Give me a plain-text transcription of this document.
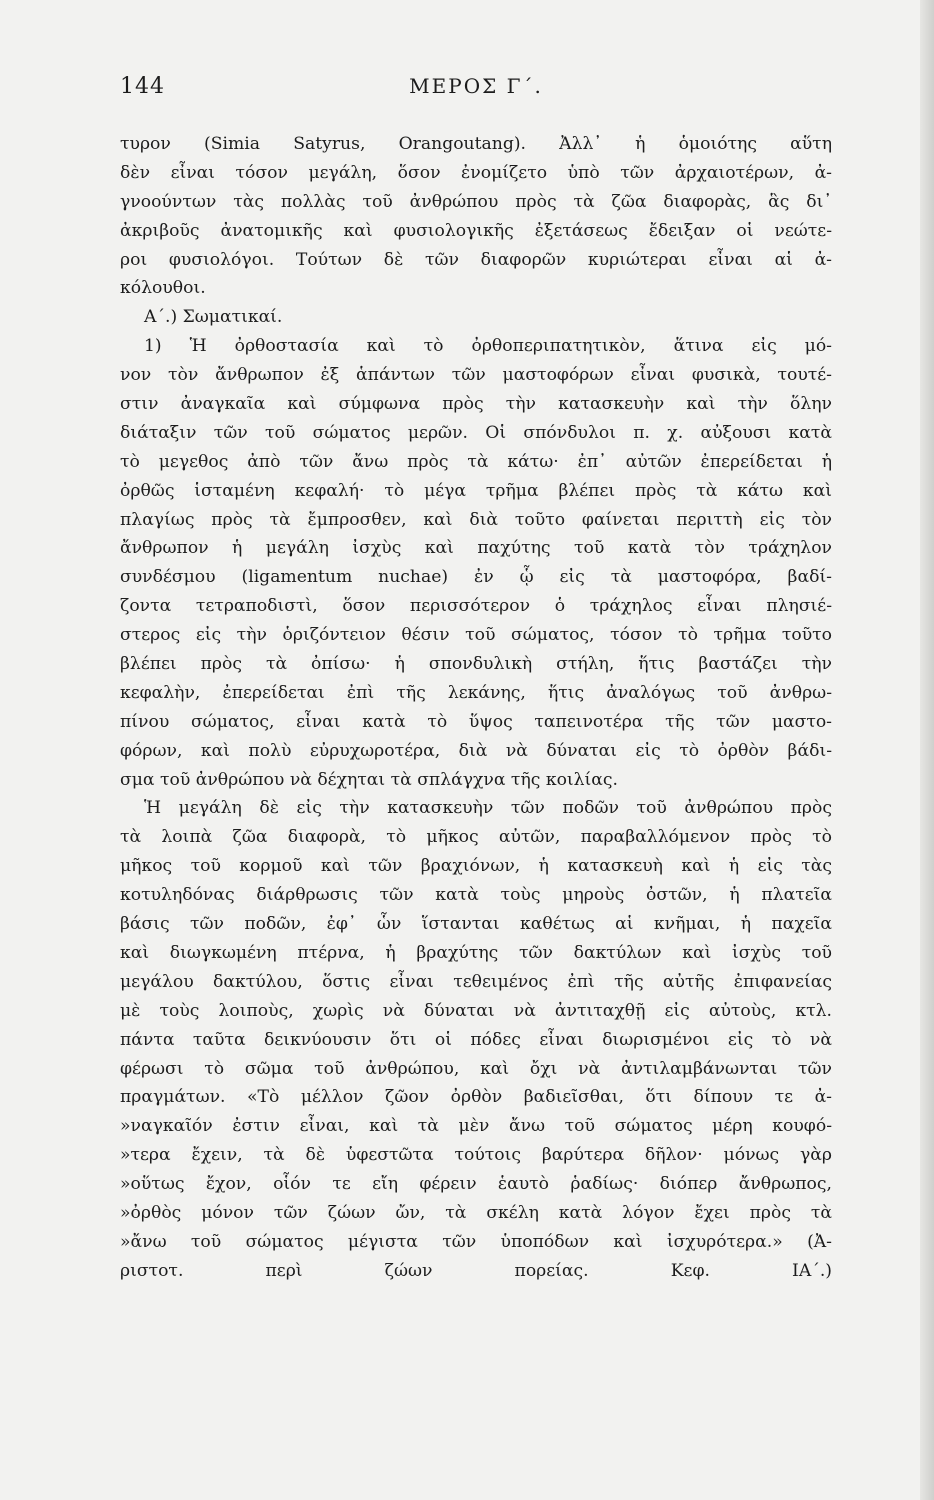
144	ΜΕΡΟΣ Γ΄.
τυρον (Simia Satyrus, Orangoutang). Ἀλλ᾽ ἡ ὁμοιότης αὕτη
δὲν εἶναι τόσον μεγάλη, ὅσον ἐνομίζετο ὑπὸ τῶν ἀρχαιοτέρων, ἀ-
γνοούντων τὰς πολλὰς τοῦ ἀνθρώπου πρὸς τὰ ζῶα διαφορὰς, ἃς δι᾽
ἀκριβοῦς ἀνατομικῆς καὶ φυσιολογικῆς ἐξετάσεως ἔδειξαν οἱ νεώτε-
ροι φυσιολόγοι. Τούτων δὲ τῶν διαφορῶν κυριώτεραι εἶναι αἱ ἀ-
κόλουθοι.
Α΄.) Σωματικαί.
1) Ἡ ὀρθοστασία καὶ τὸ ὀρθοπεριπατητικὸν, ἅτινα εἰς μό-
νον τὸν ἄνθρωπον ἐξ ἁπάντων τῶν μαστοφόρων εἶναι φυσικὰ, τουτέ-
στιν ἀναγκαῖα καὶ σύμφωνα πρὸς τὴν κατασκευὴν καὶ τὴν ὅλην
διάταξιν τῶν τοῦ σώματος μερῶν. Οἱ σπόνδυλοι π. χ. αὐξουσι κατὰ
τὸ μεγεθος ἀπὸ τῶν ἄνω πρὸς τὰ κάτω· ἐπ᾽ αὐτῶν ἐπερείδεται ἡ
ὀρθῶς ἱσταμένη κεφαλή· τὸ μέγα τρῆμα βλέπει πρὸς τὰ κάτω καὶ
πλαγίως πρὸς τὰ ἔμπροσθεν, καὶ διὰ τοῦτο φαίνεται περιττὴ εἰς τὸν
ἄνθρωπον ἡ μεγάλη ἰσχὺς καὶ παχύτης τοῦ κατὰ τὸν τράχηλον
συνδέσμου (ligamentum nuchae) ἐν ᾧ εἰς τὰ μαστοφόρα, βαδί-
ζοντα τετραποδιστὶ, ὅσον περισσότερον ὁ τράχηλος εἶναι πλησιέ-
στερος εἰς τὴν ὁριζόντειον θέσιν τοῦ σώματος, τόσον τὸ τρῆμα τοῦτο
βλέπει πρὸς τὰ ὀπίσω· ἡ σπονδυλικὴ στήλη, ἥτις βαστάζει τὴν
κεφαλὴν, ἐπερείδεται ἐπὶ τῆς λεκάνης, ἥτις ἀναλόγως τοῦ ἀνθρω-
πίνου σώματος, εἶναι κατὰ τὸ ὕψος ταπεινοτέρα τῆς τῶν μαστο-
φόρων, καὶ πολὺ εὐρυχωροτέρα, διὰ νὰ δύναται εἰς τὸ ὀρθὸν βάδι-
σμα τοῦ ἀνθρώπου νὰ δέχηται τὰ σπλάγχνα τῆς κοιλίας.
Ἡ μεγάλη δὲ εἰς τὴν κατασκευὴν τῶν ποδῶν τοῦ ἀνθρώπου πρὸς
τὰ λοιπὰ ζῶα διαφορὰ, τὸ μῆκος αὐτῶν, παραβαλλόμενον πρὸς τὸ
μῆκος τοῦ κορμοῦ καὶ τῶν βραχιόνων, ἡ κατασκευὴ καὶ ἡ εἰς τὰς
κοτυληδόνας διάρθρωσις τῶν κατὰ τοὺς μηροὺς ὀστῶν, ἡ πλατεῖα
βάσις τῶν ποδῶν, ἐφ᾽ ὧν ἵστανται καθέτως αἱ κνῆμαι, ἡ παχεῖα
καὶ διωγκωμένη πτέρνα, ἡ βραχύτης τῶν δακτύλων καὶ ἰσχὺς τοῦ
μεγάλου δακτύλου, ὅστις εἶναι τεθειμένος ἐπὶ τῆς αὐτῆς ἐπιφανείας
μὲ τοὺς λοιποὺς, χωρὶς νὰ δύναται νὰ ἀντιταχθῇ εἰς αὐτοὺς, κτλ.
πάντα ταῦτα δεικνύουσιν ὅτι οἱ πόδες εἶναι διωρισμένοι εἰς τὸ νὰ
φέρωσι τὸ σῶμα τοῦ ἀνθρώπου, καὶ ὄχι νὰ ἀντιλαμβάνωνται τῶν
πραγμάτων. «Τὸ μέλλον ζῶον ὀρθὸν βαδιεῖσθαι, ὅτι δίπουν τε ἀ-
»ναγκαῖόν ἐστιν εἶναι, καὶ τὰ μὲν ἄνω τοῦ σώματος μέρη κουφό-
»τερα ἔχειν, τὰ δὲ ὑφεστῶτα τούτοις βαρύτερα δῆλον· μόνως γὰρ
»οὕτως ἔχον, οἷόν τε εἴη φέρειν ἑαυτὸ ῥαδίως· διόπερ ἄνθρωπος,
»ὀρθὸς μόνον τῶν ζώων ὤν, τὰ σκέλη κατὰ λόγον ἔχει πρὸς τὰ
»ἄνω τοῦ σώματος μέγιστα τῶν ὑποπόδων καὶ ἰσχυρότερα.» (Ἀ-
ριστοτ. περὶ ζώων πορείας. Κεφ. ΙΑ΄.)
